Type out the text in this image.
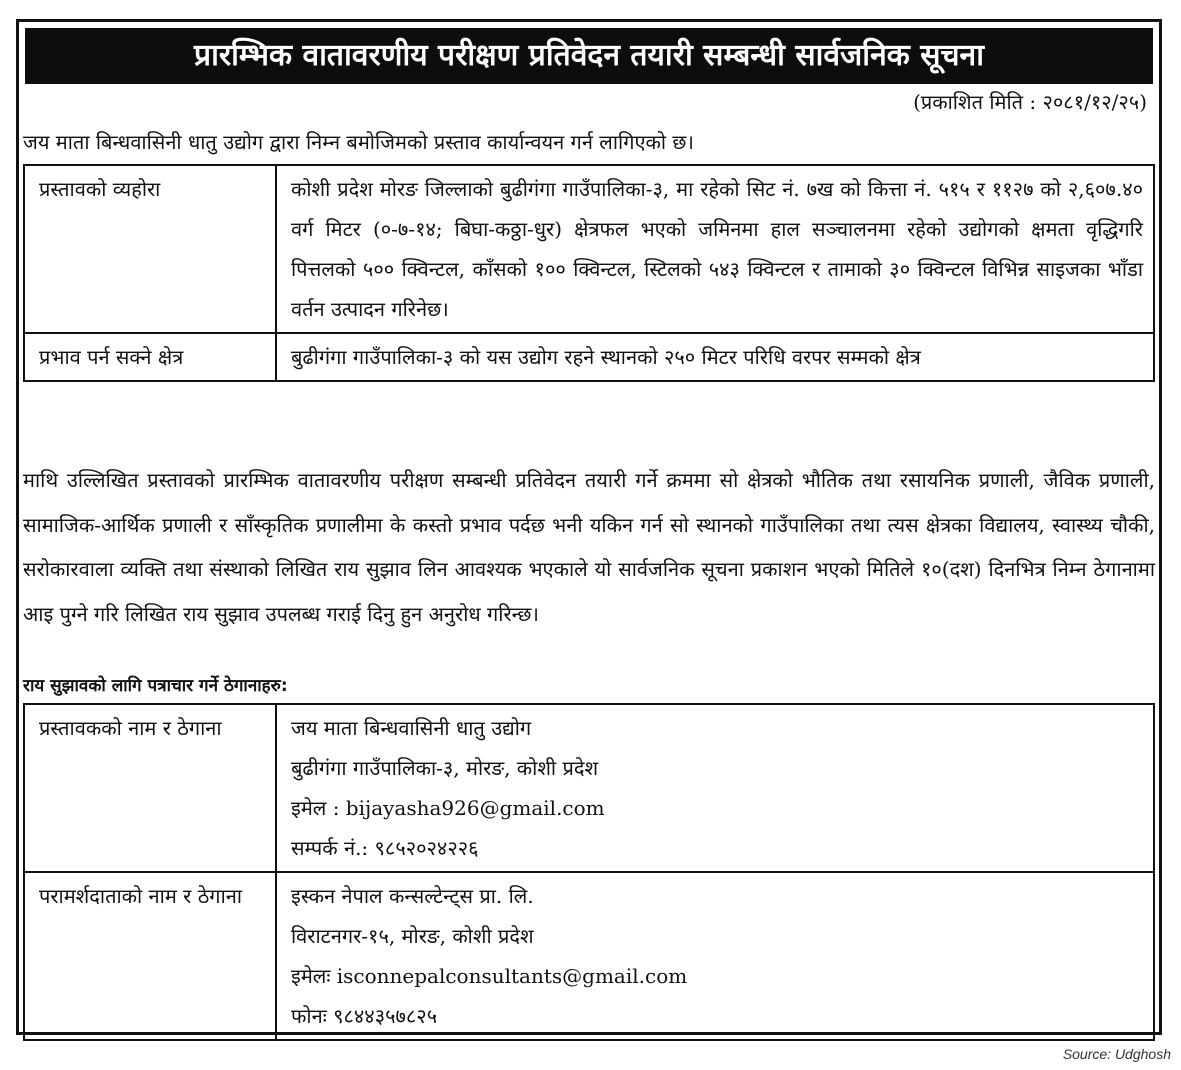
प्रारम्भिक वातावरणीय परीक्षण प्रतिवेदन तयारी सम्बन्धी सार्वजनिक सूचना
(प्रकाशित मिति : २०८१/१२/२५)
जय माता बिन्धवासिनी धातु उद्योग द्वारा निम्न बमोजिमको प्रस्ताव कार्यान्वयन गर्न लागिएको छ।
प्रस्तावको व्यहोरा	कोशी प्रदेश मोरङ जिल्लाको बुढीगंगा गाउँपालिका-३, मा रहेको सिट नं. ७ख को कित्ता नं. ५१५ र ११२७ को २,६०७.४० वर्ग मिटर (०-७-१४; बिघा-कठ्ठा-धुर) क्षेत्रफल भएको जमिनमा हाल सञ्चालनमा रहेको उद्योगको क्षमता वृद्धिगरि पित्तलको ५०० क्विन्टल, काँसको १०० क्विन्टल, स्टिलको ५४३ क्विन्टल र तामाको ३० क्विन्टल विभिन्न साइजका भाँडा वर्तन उत्पादन गरिनेछ।
प्रभाव पर्न सक्ने क्षेत्र	बुढीगंगा गाउँपालिका-३ को यस उद्योग रहने स्थानको २५० मिटर परिधि वरपर सम्मको क्षेत्र
माथि उल्लिखित प्रस्तावको प्रारम्भिक वातावरणीय परीक्षण सम्बन्धी प्रतिवेदन तयारी गर्ने क्रममा सो क्षेत्रको भौतिक तथा रसायनिक प्रणाली, जैविक प्रणाली, सामाजिक-आर्थिक प्रणाली र साँस्कृतिक प्रणालीमा के कस्तो प्रभाव पर्दछ भनी यकिन गर्न सो स्थानको गाउँपालिका तथा त्यस क्षेत्रका विद्यालय, स्वास्थ्य चौकी, सरोकारवाला व्यक्ति तथा संस्थाको लिखित राय सुझाव लिन आवश्यक भएकाले यो सार्वजनिक सूचना प्रकाशन भएको मितिले १०(दश) दिनभित्र निम्न ठेगानामा आइ पुग्ने गरि लिखित राय सुझाव उपलब्ध गराई दिनु हुन अनुरोध गरिन्छ।
राय सुझावको लागि पत्राचार गर्ने ठेगानाहरु:
प्रस्तावकको नाम र ठेगाना	जय माता बिन्धवासिनी धातु उद्योग
बुढीगंगा गाउँपालिका-३, मोरङ, कोशी प्रदेश
इमेल : bijayasha926@gmail.com
सम्पर्क नं.: ९८५२०२४२२६

परामर्शदाताको नाम र ठेगाना	इस्कन नेपाल कन्सल्टेन्ट्स प्रा. लि.
विराटनगर-१५, मोरङ, कोशी प्रदेश
इमेलः isconnepalconsultants@gmail.com
फोनः ९८४४३५७८२५
Source: Udghosh
